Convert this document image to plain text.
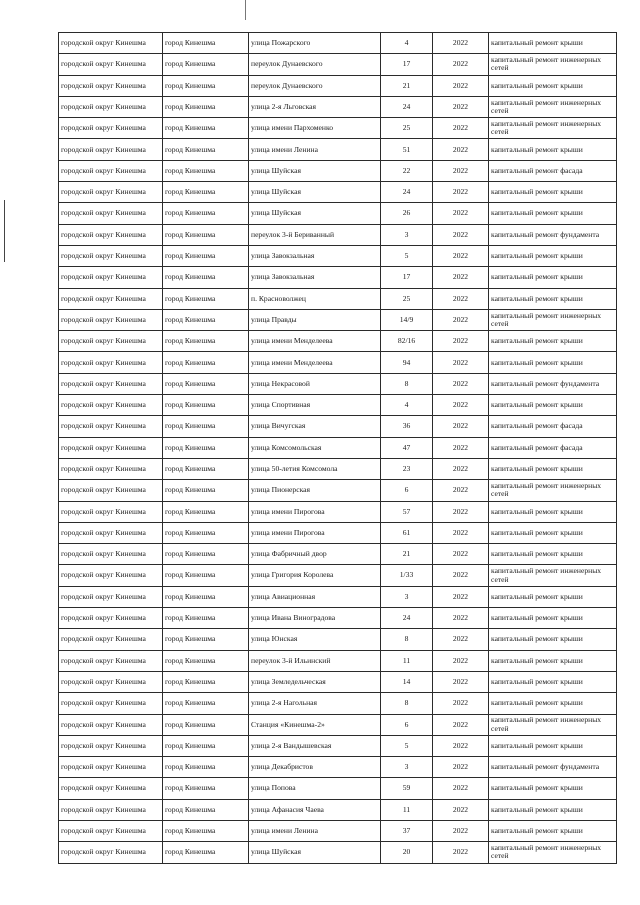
городской округ Кинешма	город Кинешма	улица Пожарского	4	2022	капитальный ремонт крыши
городской округ Кинешма	город Кинешма	переулок Дунаевского	17	2022	капитальный ремонт инженерных сетей
городской округ Кинешма	город Кинешма	переулок Дунаевского	21	2022	капитальный ремонт крыши
городской округ Кинешма	город Кинешма	улица 2-я Льговская	24	2022	капитальный ремонт инженерных сетей
городской округ Кинешма	город Кинешма	улица имени Пархоменко	25	2022	капитальный ремонт инженерных сетей
городской округ Кинешма	город Кинешма	улица имени Ленина	51	2022	капитальный ремонт крыши
городской округ Кинешма	город Кинешма	улица Шуйская	22	2022	капитальный ремонт фасада
городской округ Кинешма	город Кинешма	улица Шуйская	24	2022	капитальный ремонт крыши
городской округ Кинешма	город Кинешма	улица Шуйская	26	2022	капитальный ремонт крыши
городской округ Кинешма	город Кинешма	переулок 3-й Бериванный	3	2022	капитальный ремонт фундамента
городской округ Кинешма	город Кинешма	улица Завокзальная	5	2022	капитальный ремонт крыши
городской округ Кинешма	город Кинешма	улица Завокзальная	17	2022	капитальный ремонт крыши
городской округ Кинешма	город Кинешма	п. Красноволжец	25	2022	капитальный ремонт крыши
городской округ Кинешма	город Кинешма	улица Правды	14/9	2022	капитальный ремонт инженерных сетей
городской округ Кинешма	город Кинешма	улица имени Менделеева	82/16	2022	капитальный ремонт крыши
городской округ Кинешма	город Кинешма	улица имени Менделеева	94	2022	капитальный ремонт крыши
городской округ Кинешма	город Кинешма	улица Некрасовой	8	2022	капитальный ремонт фундамента
городской округ Кинешма	город Кинешма	улица Спортивная	4	2022	капитальный ремонт крыши
городской округ Кинешма	город Кинешма	улица Вичугская	36	2022	капитальный ремонт фасада
городской округ Кинешма	город Кинешма	улица Комсомольская	47	2022	капитальный ремонт фасада
городской округ Кинешма	город Кинешма	улица 50-летия Комсомола	23	2022	капитальный ремонт крыши
городской округ Кинешма	город Кинешма	улица Пионерская	6	2022	капитальный ремонт инженерных сетей
городской округ Кинешма	город Кинешма	улица имени Пирогова	57	2022	капитальный ремонт крыши
городской округ Кинешма	город Кинешма	улица имени Пирогова	61	2022	капитальный ремонт крыши
городской округ Кинешма	город Кинешма	улица Фабричный двор	21	2022	капитальный ремонт крыши
городской округ Кинешма	город Кинешма	улица Григория Королева	1/33	2022	капитальный ремонт инженерных сетей
городской округ Кинешма	город Кинешма	улица Авиационная	3	2022	капитальный ремонт крыши
городской округ Кинешма	город Кинешма	улица Ивана Виноградова	24	2022	капитальный ремонт крыши
городской округ Кинешма	город Кинешма	улица Юнская	8	2022	капитальный ремонт крыши
городской округ Кинешма	город Кинешма	переулок 3-й Ильинский	11	2022	капитальный ремонт крыши
городской округ Кинешма	город Кинешма	улица Земледельческая	14	2022	капитальный ремонт крыши
городской округ Кинешма	город Кинешма	улица 2-я Нагольная	8	2022	капитальный ремонт крыши
городской округ Кинешма	город Кинешма	Станция «Кинешма-2»	6	2022	капитальный ремонт инженерных сетей
городской округ Кинешма	город Кинешма	улица 2-я Вандышевская	5	2022	капитальный ремонт крыши
городской округ Кинешма	город Кинешма	улица Декабристов	3	2022	капитальный ремонт фундамента
городской округ Кинешма	город Кинешма	улица Попова	59	2022	капитальный ремонт крыши
городской округ Кинешма	город Кинешма	улица Афанасия Чаева	11	2022	капитальный ремонт крыши
городской округ Кинешма	город Кинешма	улица имени Ленина	37	2022	капитальный ремонт крыши
городской округ Кинешма	город Кинешма	улица Шуйская	20	2022	капитальный ремонт инженерных сетей
